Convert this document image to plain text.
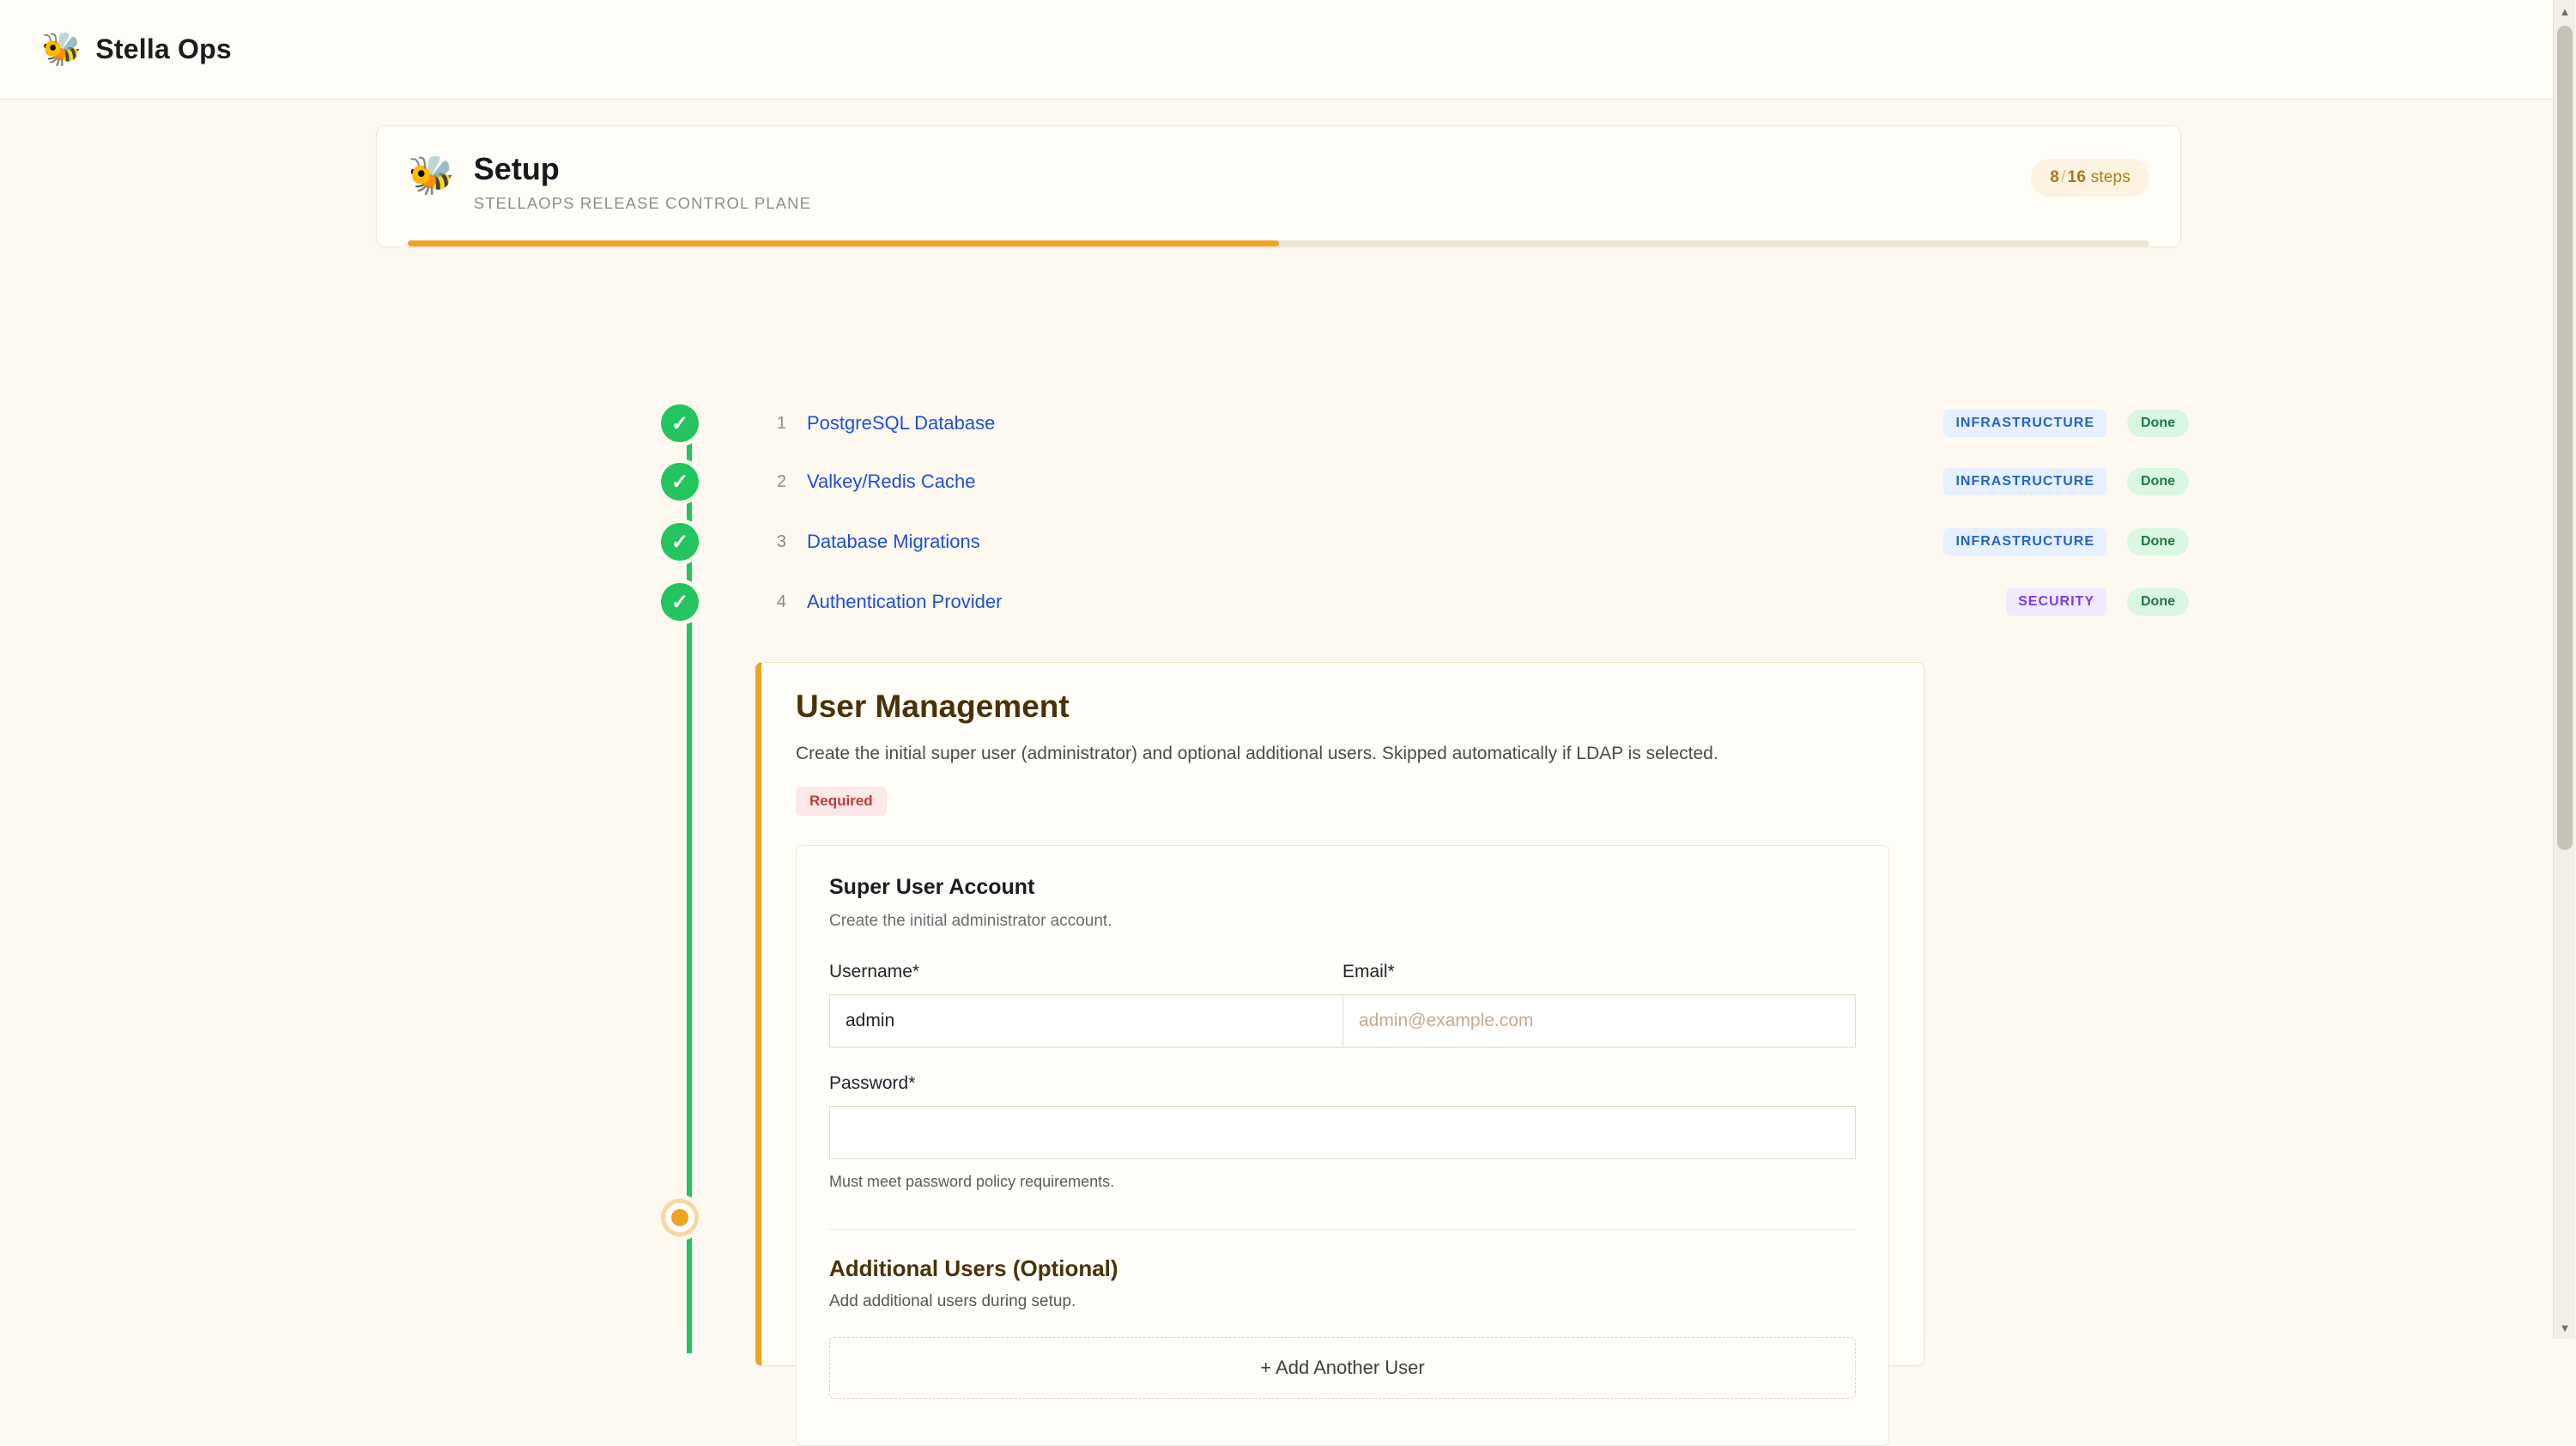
🐝 Stella Ops
🐝 Setup
STELLAOPS RELEASE CONTROL PLANE
8 / 16 steps
✓	1 PostgreSQL Database	INFRASTRUCTURE	Done
✓	2 Valkey/Redis Cache	INFRASTRUCTURE	Done
✓	3 Database Migrations	INFRASTRUCTURE	Done
✓	4 Authentication Provider	SECURITY	Done
User Management
Create the initial super user (administrator) and optional additional users. Skipped automatically if LDAP is selected.
Required
Super User Account
Create the initial administrator account.
Username*
admin	Email*
admin@example.com
Password*
Must meet password policy requirements.
Additional Users (Optional)
Add additional users during setup.
+ Add Another User
▲
▼
